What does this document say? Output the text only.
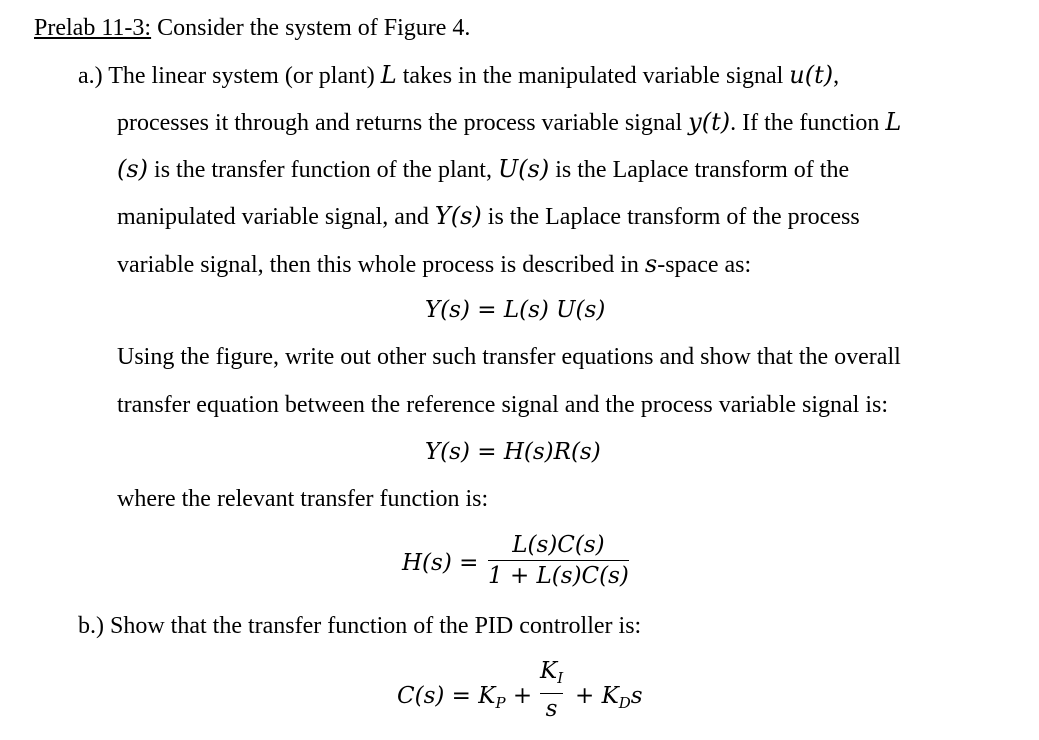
Prelab 11-3: Consider the system of Figure 4.
a.) The linear system (or plant) L takes in the manipulated variable signal u(t),
processes it through and returns the process variable signal y(t). If the function L
(s) is the transfer function of the plant, U(s) is the Laplace transform of the
manipulated variable signal, and Y(s) is the Laplace transform of the process
variable signal, then this whole process is described in s-space as:
Y(s) = L(s) U(s)
Using the figure, write out other such transfer equations and show that the overall
transfer equation between the reference signal and the process variable signal is:
Y(s) = H(s)R(s)
where the relevant transfer function is:
H(s) =
L(s)C(s)
1 + L(s)C(s)
b.) Show that the transfer function of the PID controller is:
$C(s) = K_P$ +
$K_I$
$s + K_Ds$
